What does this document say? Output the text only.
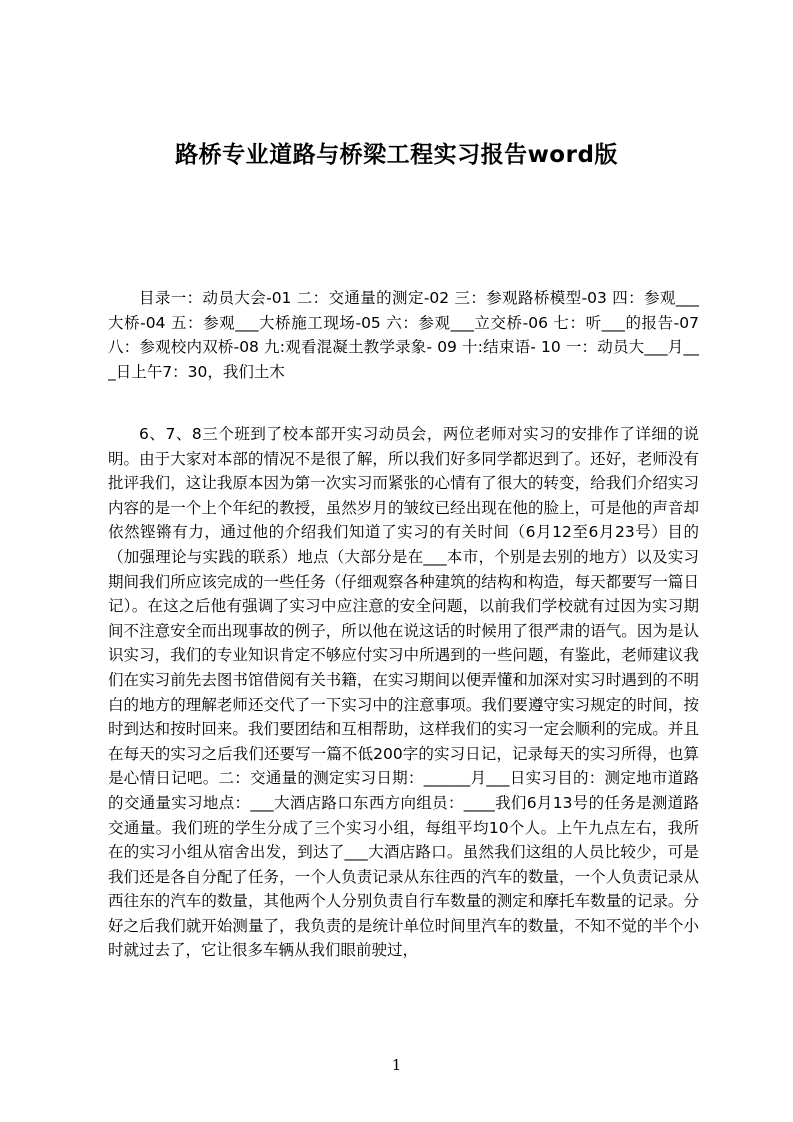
路桥专业道路与桥梁工程实习报告word版

目录一：动员大会-01 二：交通量的测定-02 三：参观路桥模型-03 四：参观___大桥-04 五：参观___大桥施工现场-05 六：参观___立交桥-06 七：听___的报告-07 八：参观校内双桥-08 九:观看混凝土教学录象- 09 十:结束语- 10 一：动员大___月___日上午7：30，我们土木

6、7、8三个班到了校本部开实习动员会，两位老师对实习的安排作了详细的说明。由于大家对本部的情况不是很了解，所以我们好多同学都迟到了。还好，老师没有批评我们，这让我原本因为第一次实习而紧张的心情有了很大的转变，给我们介绍实习内容的是一个上个年纪的教授，虽然岁月的皱纹已经出现在他的脸上，可是他的声音却依然铿锵有力，通过他的介绍我们知道了实习的有关时间（6月12至6月23号）目的（加强理论与实践的联系）地点（大部分是在___本市，个别是去别的地方）以及实习期间我们所应该完成的一些任务（仔细观察各种建筑的结构和构造，每天都要写一篇日记）。在这之后他有强调了实习中应注意的安全问题，以前我们学校就有过因为实习期间不注意安全而出现事故的例子，所以他在说这话的时候用了很严肃的语气。因为是认识实习，我们的专业知识肯定不够应付实习中所遇到的一些问题，有鉴此，老师建议我们在实习前先去图书馆借阅有关书籍，在实习期间以便弄懂和加深对实习时遇到的不明白的地方的理解老师还交代了一下实习中的注意事项。我们要遵守实习规定的时间，按时到达和按时回来。我们要团结和互相帮助，这样我们的实习一定会顺利的完成。并且在每天的实习之后我们还要写一篇不低200字的实习日记，记录每天的实习所得，也算是心情日记吧。二：交通量的测定实习日期：______月___日实习目的：测定地市道路的交通量实习地点：___大酒店路口东西方向组员：____我们6月13号的任务是测道路交通量。我们班的学生分成了三个实习小组，每组平均10个人。上午九点左右，我所在的实习小组从宿舍出发，到达了___大酒店路口。虽然我们这组的人员比较少，可是我们还是各自分配了任务，一个人负责记录从东往西的汽车的数量，一个人负责记录从西往东的汽车的数量，其他两个人分别负责自行车数量的测定和摩托车数量的记录。分好之后我们就开始测量了，我负责的是统计单位时间里汽车的数量，不知不觉的半个小时就过去了，它让很多车辆从我们眼前驶过，

1
